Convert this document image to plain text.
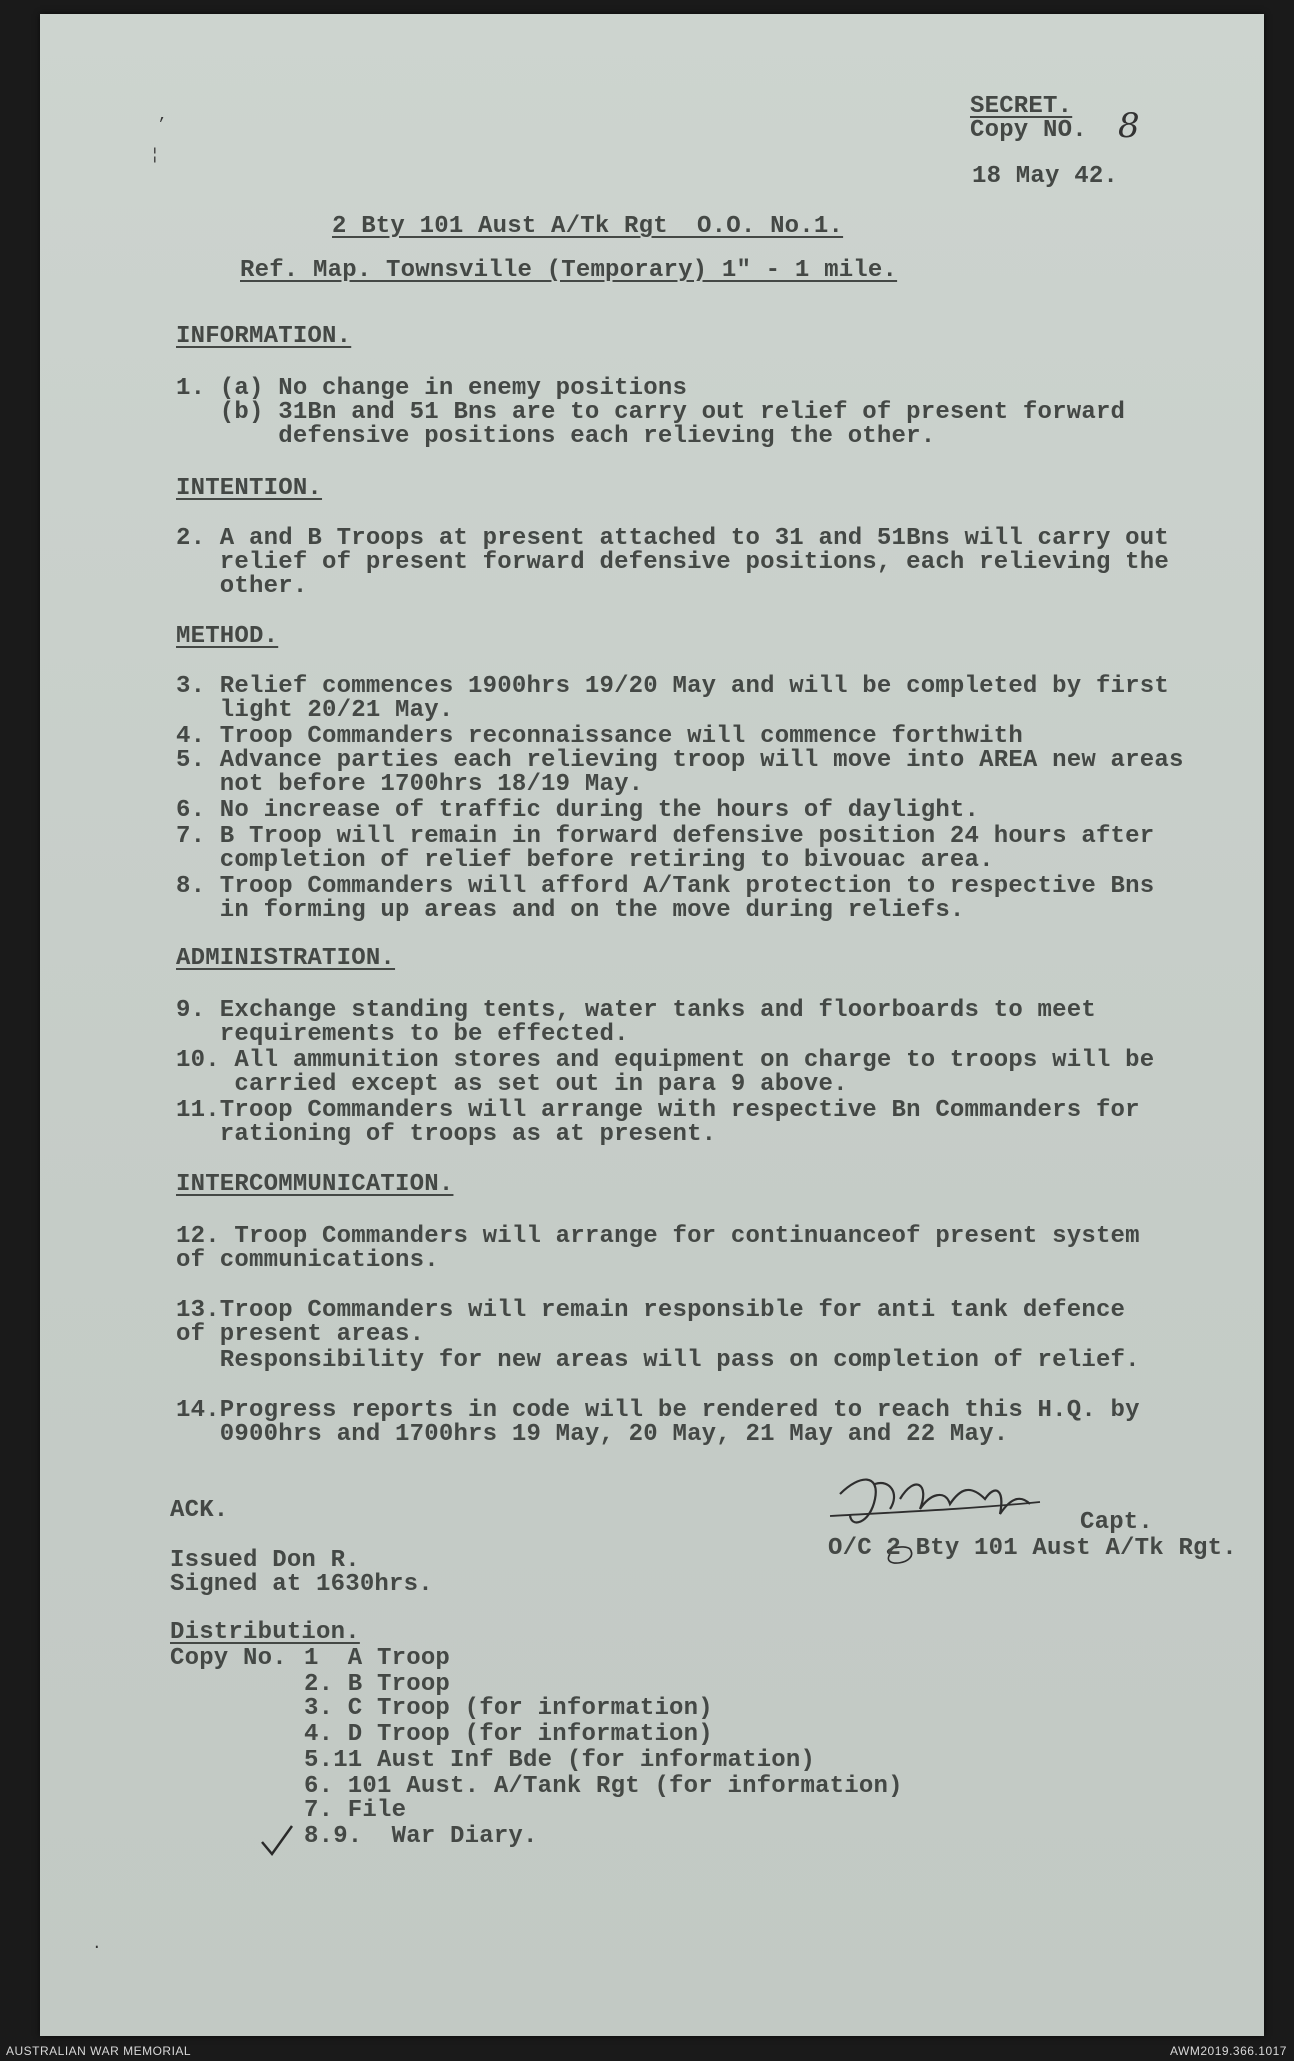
SECRET.
Copy NO. 8
18 May 42.
2 Bty 101 Aust A/Tk Rgt  O.O. No.1.
Ref. Map. Townsville (Temporary) 1" - 1 mile.
INFORMATION.
1. (a) No change in enemy positions
(b) 31Bn and 51 Bns are to carry out relief of present forward
defensive positions each relieving the other.
INTENTION.
2. A and B Troops at present attached to 31 and 51Bns will carry out
relief of present forward defensive positions, each relieving the
other.
METHOD.
3. Relief commences 1900hrs 19/20 May and will be completed by first
light 20/21 May.
4. Troop Commanders reconnaissance will commence forthwith
5. Advance parties each relieving troop will move into AREA new areas
not before 1700hrs 18/19 May.
6. No increase of traffic during the hours of daylight.
7. B Troop will remain in forward defensive position 24 hours after
completion of relief before retiring to bivouac area.
8. Troop Commanders will afford A/Tank protection to respective Bns
in forming up areas and on the move during reliefs.
ADMINISTRATION.
9. Exchange standing tents, water tanks and floorboards to meet
requirements to be effected.
10. All ammunition stores and equipment on charge to troops will be
carried except as set out in para 9 above.
11.Troop Commanders will arrange with respective Bn Commanders for
rationing of troops as at present.
INTERCOMMUNICATION.
12. Troop Commanders will arrange for continuanceof present system
of communications.
13.Troop Commanders will remain responsible for anti tank defence
of present areas.
Responsibility for new areas will pass on completion of relief.
14.Progress reports in code will be rendered to reach this H.Q. by
0900hrs and 1700hrs 19 May, 20 May, 21 May and 22 May.
ACK.	Capt.
O/C 2 Bty 101 Aust A/Tk Rgt.
Issued Don R.
Signed at 1630hrs.
Distribution.
Copy No. 1  A Troop
2. B Troop
3. C Troop (for information)
4. D Troop (for information)
5.11 Aust Inf Bde (for information)
6. 101 Aust. A/Tank Rgt (for information)
7. File
8.9.  War Diary.
,
¦
·
AUSTRALIAN WAR MEMORIAL	AWM2019.366.1017
